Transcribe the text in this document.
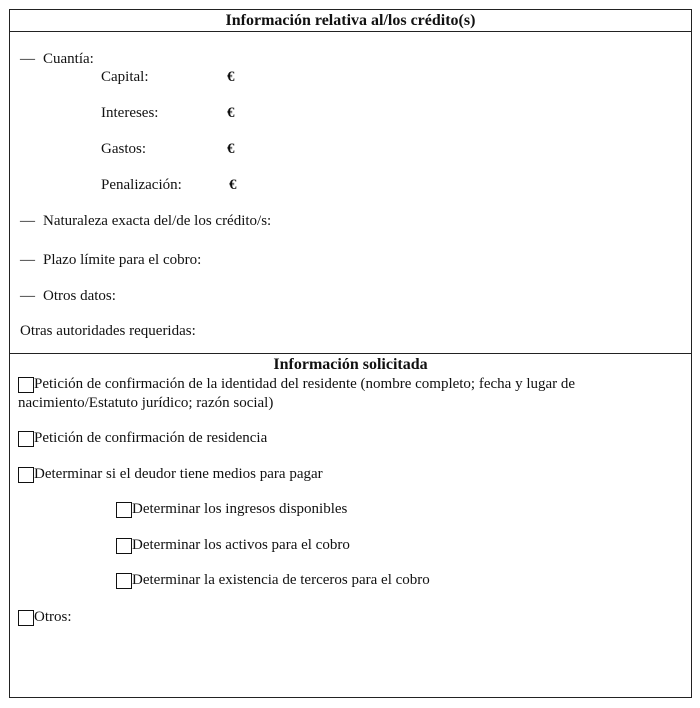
Información relativa al/los crédito(s)
— Cuantía:
Capital:	€
Intereses:	€
Gastos:	€
Penalización:	€
— Naturaleza exacta del/de los crédito/s:
— Plazo límite para el cobro:
— Otros datos:
Otras autoridades requeridas:
Información solicitada
Petición de confirmación de la identidad del residente (nombre completo; fecha y lugar de
nacimiento/Estatuto jurídico; razón social)
Petición de confirmación de residencia
Determinar si el deudor tiene medios para pagar
Determinar los ingresos disponibles
Determinar los activos para el cobro
Determinar la existencia de terceros para el cobro
Otros:
